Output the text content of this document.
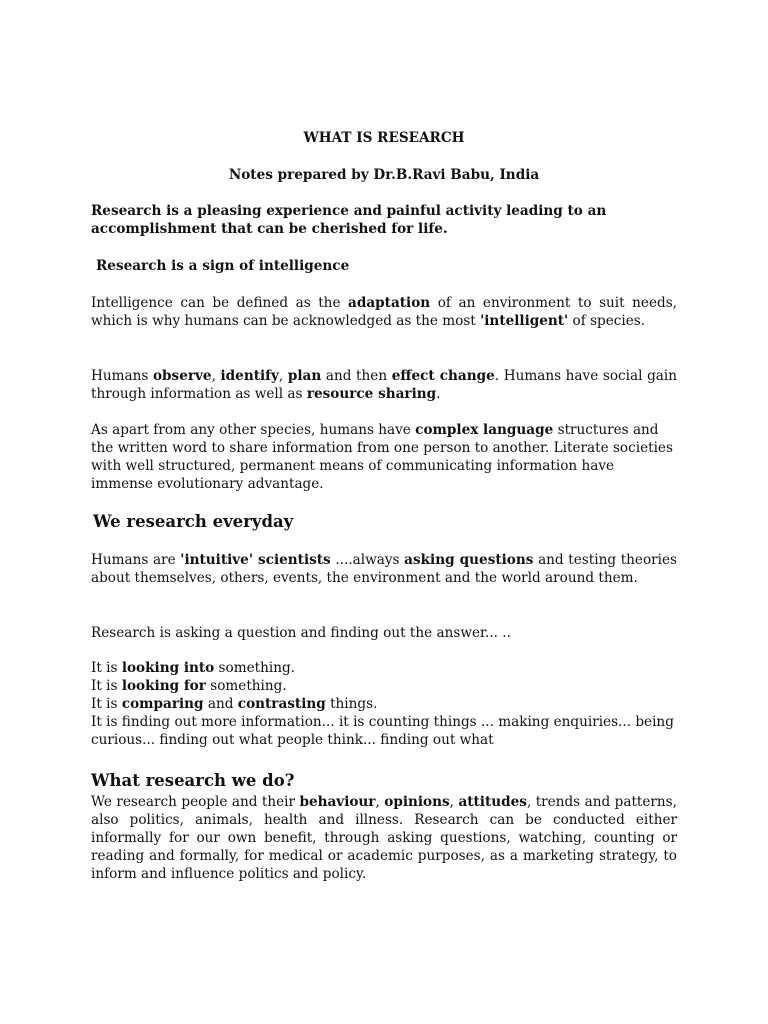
WHAT IS RESEARCH
Notes prepared by Dr.B.Ravi Babu, India

Research is a pleasing experience and painful activity leading to an accomplishment that can be cherished for life.

Research is a sign of intelligence

Intelligence can be defined as the adaptation of an environment to suit needs, which is why humans can be acknowledged as the most 'intelligent' of species.

Humans observe, identify, plan and then effect change. Humans have social gain through information as well as resource sharing.

As apart from any other species, humans have complex language structures and the written word to share information from one person to another. Literate societies with well structured, permanent means of communicating information have immense evolutionary advantage.

We research everyday

Humans are 'intuitive' scientists ....always asking questions and testing theories about themselves, others, events, the environment and the world around them.

Research is asking a question and finding out the answer... ..

It is looking into something.
It is looking for something.
It is comparing and contrasting things.
It is finding out more information... it is counting things ... making enquiries... being curious... finding out what people think... finding out what

What research we do?

We research people and their behaviour, opinions, attitudes, trends and patterns, also politics, animals, health and illness. Research can be conducted either informally for our own benefit, through asking questions, watching, counting or reading and formally, for medical or academic purposes, as a marketing strategy, to inform and influence politics and policy.
